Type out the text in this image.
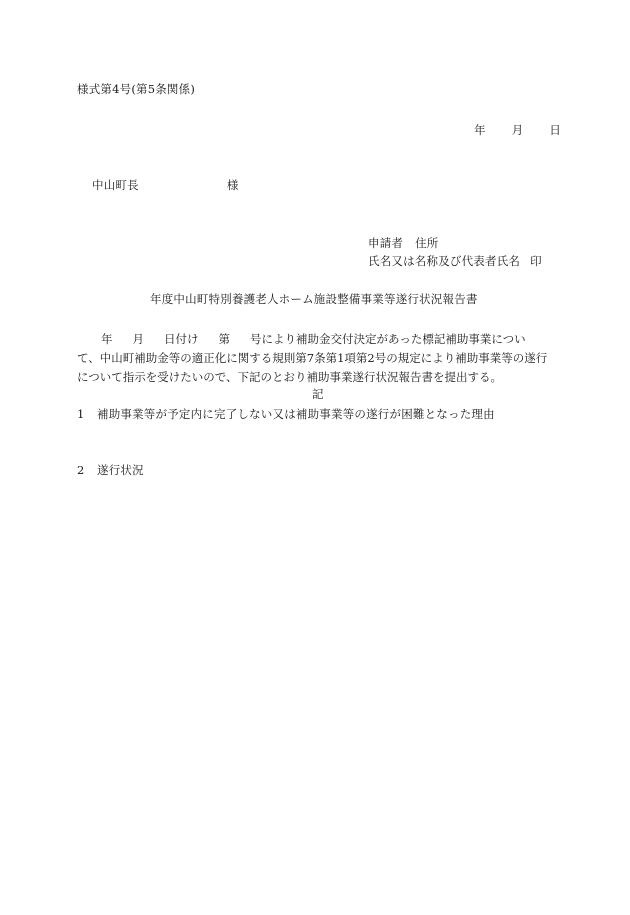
様式第4号(第5条関係)
年 月 日
中山町長	様
申請者 住所
氏名又は名称及び代表者氏名 印
年度中山町特別養護老人ホーム施設整備事業等遂行状況報告書
年 月 日付け 第 号により補助金交付決定があった標記補助事業につい
て、中山町補助金等の適正化に関する規則第7条第1項第2号の規定により補助事業等の遂行
について指示を受けたいので、下記のとおり補助事業遂行状況報告書を提出する。
記
1 補助事業等が予定内に完了しない又は補助事業等の遂行が困難となった理由
2 遂行状況
